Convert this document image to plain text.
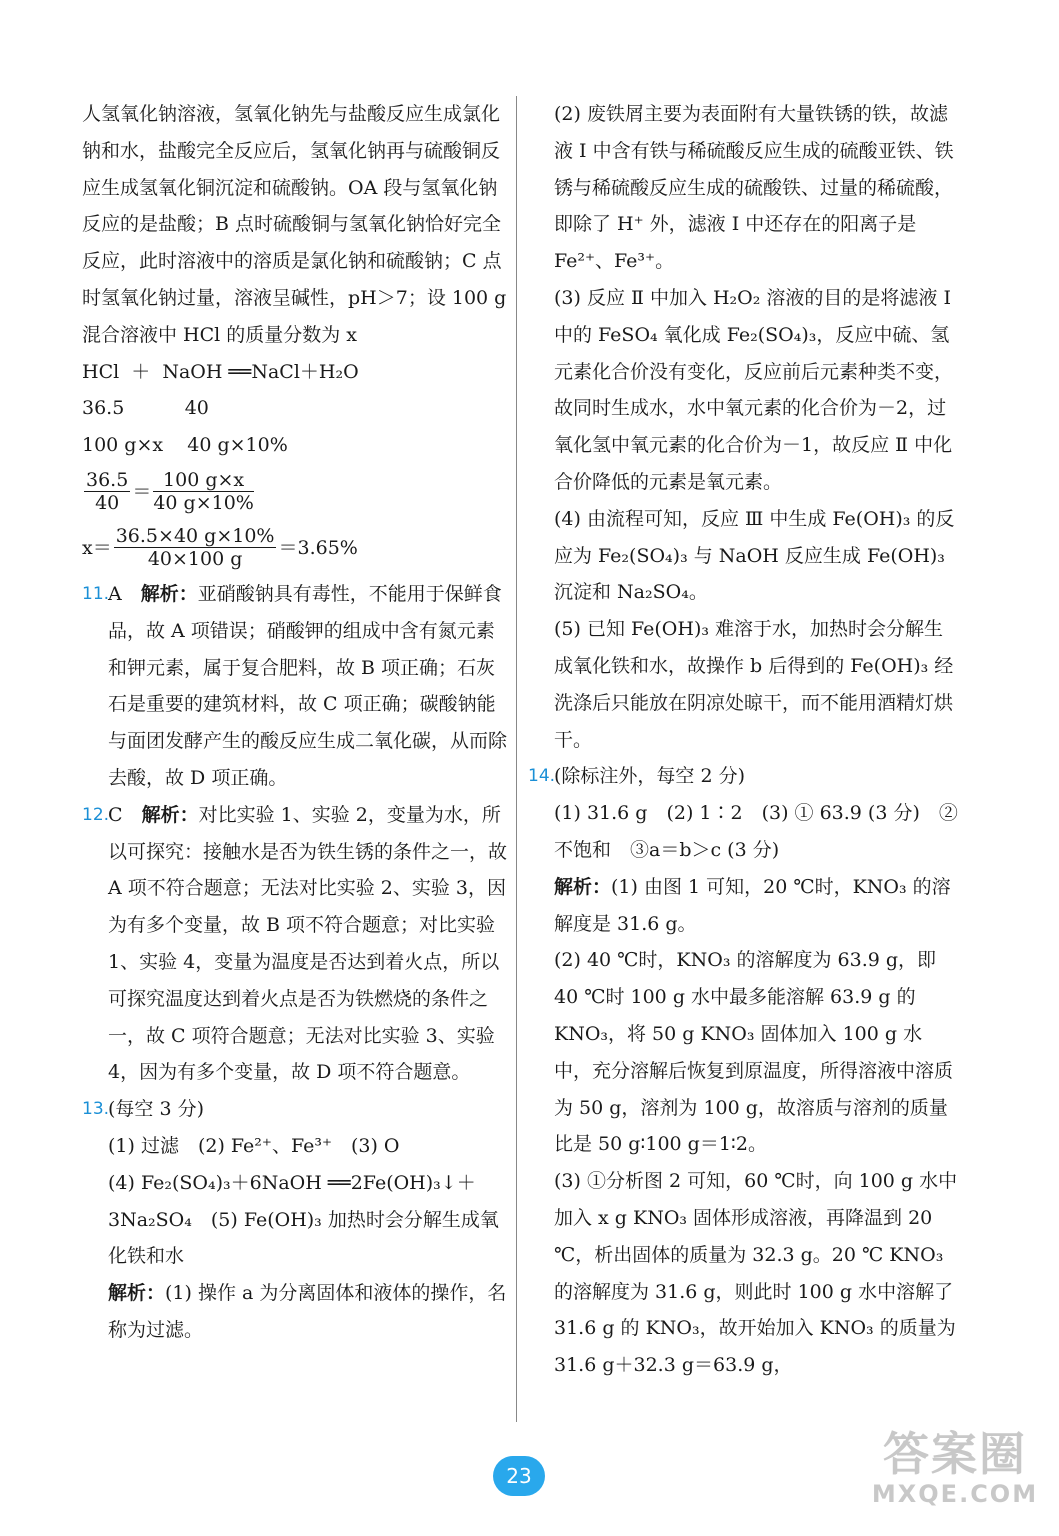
人氢氧化钠溶液，氢氧化钠先与盐酸反应生成氯化钠和水，盐酸完全反应后，氢氧化钠再与硫酸铜反应生成氢氧化铜沉淀和硫酸钠。OA 段与氢氧化钠反应的是盐酸；B 点时硫酸铜与氢氧化钠恰好完全反应，此时溶液中的溶质是氯化钠和硫酸钠；C 点时氢氧化钠过量，溶液呈碱性，pH＞7；设 100 g 混合溶液中 HCl 的质量分数为 x

HCl  ＋  NaOH ══NaCl＋H₂O
36.5          40
100 g×x    40 g×10%
$\frac{36.5}{40} = \frac{100 g\times x}{40 g\times 10\%}$
$x= \frac{36.5\times 40 g\times 10\%}{40\times 100 g} =3.65\%$
11.
A　 解析：亚硝酸钠具有毒性，不能用于保鲜食品，故 A 项错误；硝酸钾的组成中含有氮元素和钾元素，属于复合肥料，故 B 项正确；石灰石是重要的建筑材料，故 C 项正确；碳酸钠能与面团发酵产生的酸反应生成二氧化碳，从而除去酸，故 D 项正确。
12.
C　 解析：对比实验 1、实验 2，变量为水，所以可探究：接触水是否为铁生锈的条件之一，故 A 项不符合题意；无法对比实验 2、实验 3，因为有多个变量，故 B 项不符合题意；对比实验 1、实验 4，变量为温度是否达到着火点，所以可探究温度达到着火点是否为铁燃烧的条件之一，故 C 项符合题意；无法对比实验 3、实验 4，因为有多个变量，故 D 项不符合题意。
13.
(每空 3 分)
(1) 过滤　(2) Fe²⁺、Fe³⁺　(3) O
(4) Fe₂(SO₄)₃＋6NaOH ══2Fe(OH)₃↓＋3Na₂SO₄　(5) Fe(OH)₃ 加热时会分解生成氧化铁和水
解析：(1) 操作 a 为分离固体和液体的操作，名称为过滤。

(2) 废铁屑主要为表面附有大量铁锈的铁，故滤液 Ⅰ 中含有铁与稀硫酸反应生成的硫酸亚铁、铁锈与稀硫酸反应生成的硫酸铁、过量的稀硫酸，即除了 H⁺ 外，滤液 Ⅰ 中还存在的阳离子是 Fe²⁺、Fe³⁺。

(3) 反应 Ⅱ 中加入 H₂O₂ 溶液的目的是将滤液 Ⅰ 中的 FeSO₄ 氧化成 Fe₂(SO₄)₃，反应中硫、氢元素化合价没有变化，反应前后元素种类不变，故同时生成水，水中氧元素的化合价为－2，过氧化氢中氧元素的化合价为－1，故反应 Ⅱ 中化合价降低的元素是氧元素。

(4) 由流程可知，反应 Ⅲ 中生成 Fe(OH)₃ 的反应为 Fe₂(SO₄)₃ 与 NaOH 反应生成 Fe(OH)₃ 沉淀和 Na₂SO₄。

(5) 已知 Fe(OH)₃ 难溶于水，加热时会分解生成氧化铁和水，故操作 b 后得到的 Fe(OH)₃ 经洗涤后只能放在阴凉处晾干，而不能用酒精灯烘干。

14.
(除标注外，每空 2 分)
(1) 31.6 g　(2) 1∶2　(3) ① 63.9 (3 分)　②不饱和　③a＝b＞c (3 分)
解析：(1) 由图 1 可知，20 ℃时，KNO₃ 的溶解度是 31.6 g。
(2) 40 ℃时，KNO₃ 的溶解度为 63.9 g，即 40 ℃时 100 g 水中最多能溶解 63.9 g 的 KNO₃，将 50 g KNO₃ 固体加入 100 g 水中，充分溶解后恢复到原温度，所得溶液中溶质为 50 g，溶剂为 100 g，故溶质与溶剂的质量比是 50 g∶100 g＝1∶2。
(3) ①分析图 2 可知，60 ℃时，向 100 g 水中加入 x g KNO₃ 固体形成溶液，再降温到 20 ℃，析出固体的质量为 32.3 g。20 ℃ KNO₃ 的溶解度为 31.6 g，则此时 100 g 水中溶解了 31.6 g 的 KNO₃，故开始加入 KNO₃ 的质量为 31.6 g＋32.3 g＝63.9 g，
23	答案圈
MXQE.COM
